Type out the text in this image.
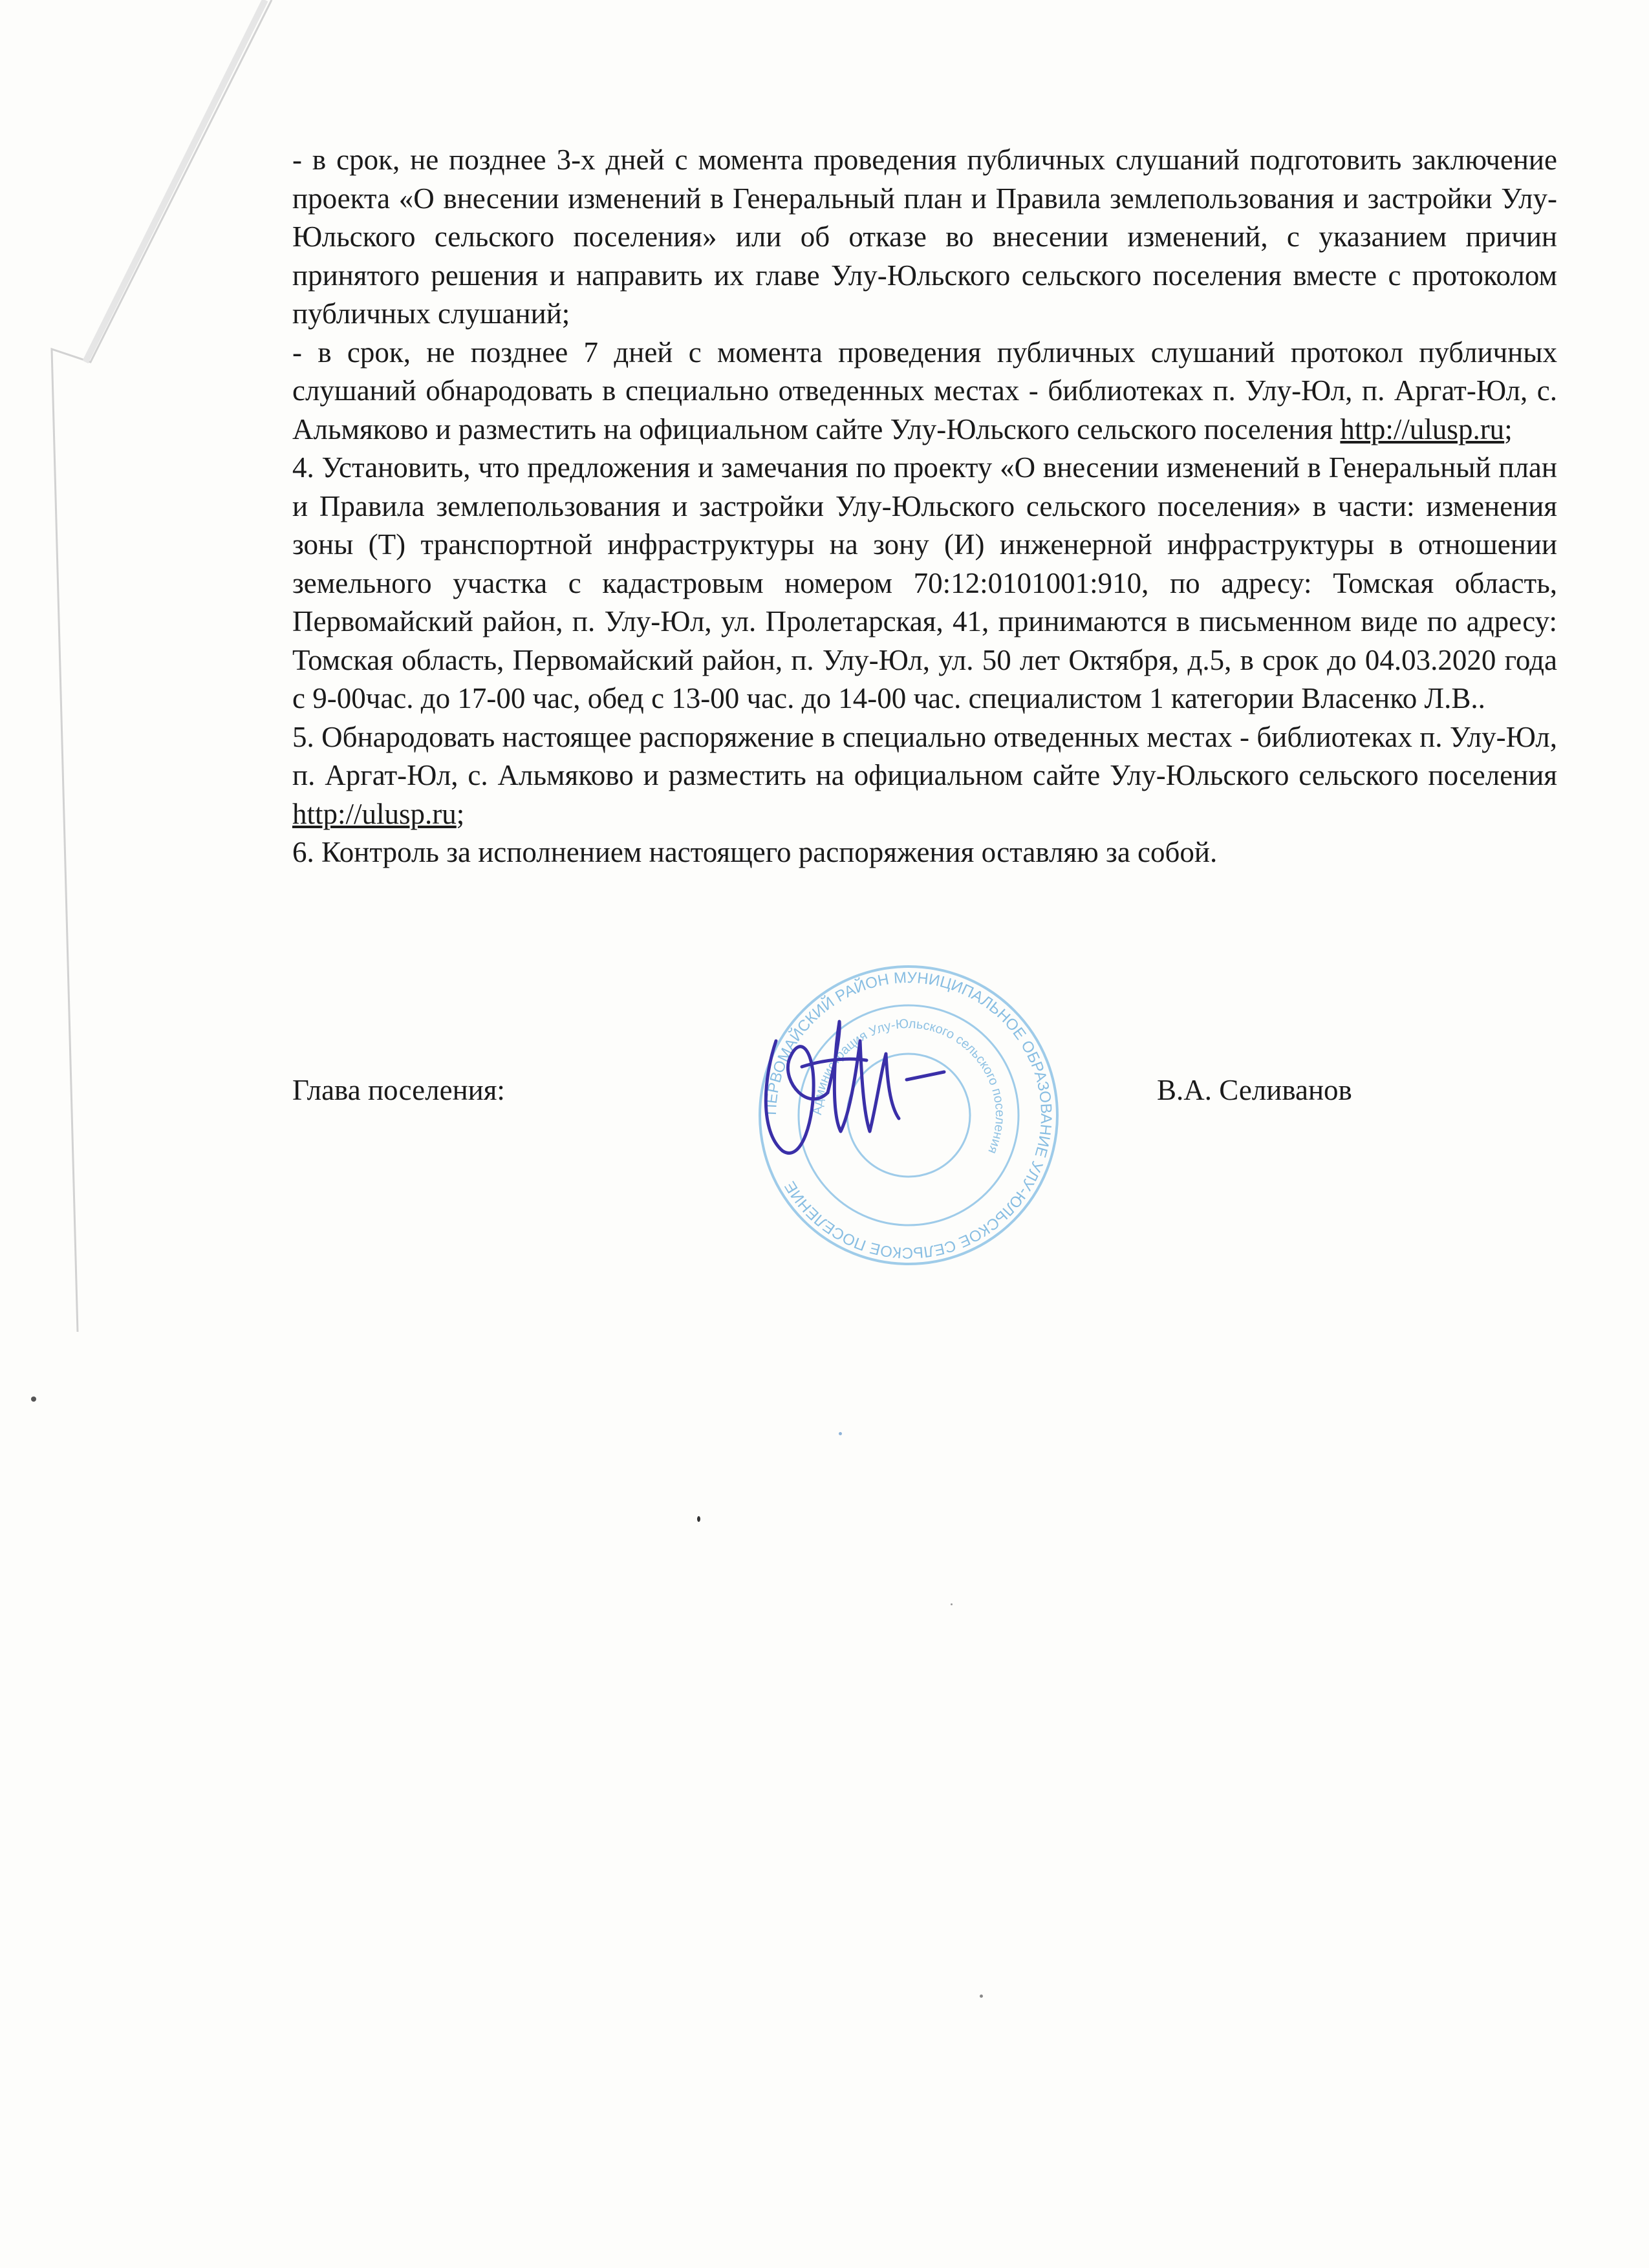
- в срок, не позднее 3-х дней с момента проведения публичных слушаний подготовить заключение проекта «О внесении изменений в Генеральный план и Правила землепользования и застройки Улу-Юльского сельского поселения» или об отказе во внесении изменений, с указанием причин принятого решения и направить их главе Улу-Юльского сельского поселения вместе с протоколом публичных слушаний;

- в срок, не позднее 7 дней с момента проведения публичных слушаний протокол публичных слушаний обнародовать в специально отведенных местах - библиотеках п. Улу-Юл, п. Аргат-Юл, с. Альмяково и разместить на официальном сайте Улу-Юльского сельского поселения http://ulusp.ru;

4. Установить, что предложения и замечания по проекту «О внесении изменений в Генеральный план и Правила землепользования и застройки Улу-Юльского сельского поселения» в части: изменения зоны (Т) транспортной инфраструктуры на зону (И) инженерной инфраструктуры в отношении земельного участка с кадастровым номером 70:12:0101001:910, по адресу: Томская область, Первомайский район, п. Улу-Юл, ул. Пролетарская, 41, принимаются в письменном виде по адресу: Томская область, Первомайский район, п. Улу-Юл, ул. 50 лет Октября, д.5, в срок до 04.03.2020 года с 9-00час. до 17-00 час, обед с 13-00 час. до 14-00 час. специалистом 1 категории Власенко Л.В..

5. Обнародовать настоящее распоряжение в специально отведенных местах - библиотеках п. Улу-Юл, п. Аргат-Юл, с. Альмяково и разместить на официальном сайте Улу-Юльского сельского поселения http://ulusp.ru;

6. Контроль за исполнением настоящего распоряжения оставляю за собой.

Глава поселения:
ПЕРВОМАЙСКИЙ РАЙОН МУНИЦИПАЛЬНОЕ ОБРАЗОВАНИЕ УЛУ-ЮЛЬСКОЕ СЕЛЬСКОЕ ПОСЕЛЕНИЕ
Администрация Улу-Юльского сельского поселения
В.А. Селиванов
